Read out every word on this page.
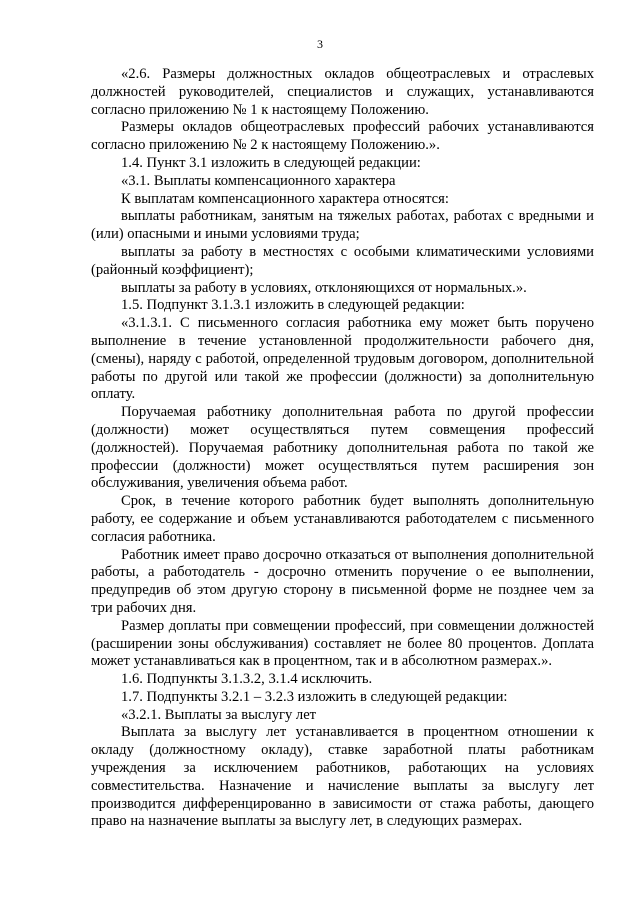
3

«2.6. Размеры должностных окладов общеотраслевых и отраслевых должностей руководителей, специалистов и служащих, устанавливаются согласно приложению № 1 к настоящему Положению.

Размеры окладов общеотраслевых профессий рабочих устанавливаются согласно приложению № 2 к настоящему Положению.».

1.4. Пункт 3.1 изложить в следующей редакции:

«3.1. Выплаты компенсационного характера

К выплатам компенсационного характера относятся:

выплаты работникам, занятым на тяжелых работах, работах с вредными и (или) опасными и иными условиями труда;

выплаты за работу в местностях с особыми климатическими условиями (районный коэффициент);

выплаты за работу в условиях, отклоняющихся от нормальных.».

1.5. Подпункт 3.1.3.1 изложить в следующей редакции:

«3.1.3.1. С письменного согласия работника ему может быть поручено выполнение в течение установленной продолжительности рабочего дня, (смены), наряду с работой, определенной трудовым договором, дополнительной работы по другой или такой же профессии (должности) за дополнительную оплату.

Поручаемая работнику дополнительная работа по другой профессии (должности) может осуществляться путем совмещения профессий (должностей). Поручаемая работнику дополнительная работа по такой же профессии (должности) может осуществляться путем расширения зон обслуживания, увеличения объема работ.

Срок, в течение которого работник будет выполнять дополнительную работу, ее содержание и объем устанавливаются работодателем с письменного согласия работника.

Работник имеет право досрочно отказаться от выполнения дополнительной работы, а работодатель - досрочно отменить поручение о ее выполнении, предупредив об этом другую сторону в письменной форме не позднее чем за три рабочих дня.

Размер доплаты при совмещении профессий, при совмещении должностей (расширении зоны обслуживания) составляет не более 80 процентов. Доплата может устанавливаться как в процентном, так и в абсолютном размерах.».

1.6. Подпункты 3.1.3.2, 3.1.4 исключить.

1.7. Подпункты 3.2.1 – 3.2.3 изложить в следующей редакции:

«3.2.1. Выплаты за выслугу лет

Выплата за выслугу лет устанавливается в процентном отношении к окладу (должностному окладу), ставке заработной платы работникам учреждения за исключением работников, работающих на условиях совместительства. Назначение и начисление выплаты за выслугу лет производится дифференцированно в зависимости от стажа работы, дающего право на назначение выплаты за выслугу лет, в следующих размерах.
